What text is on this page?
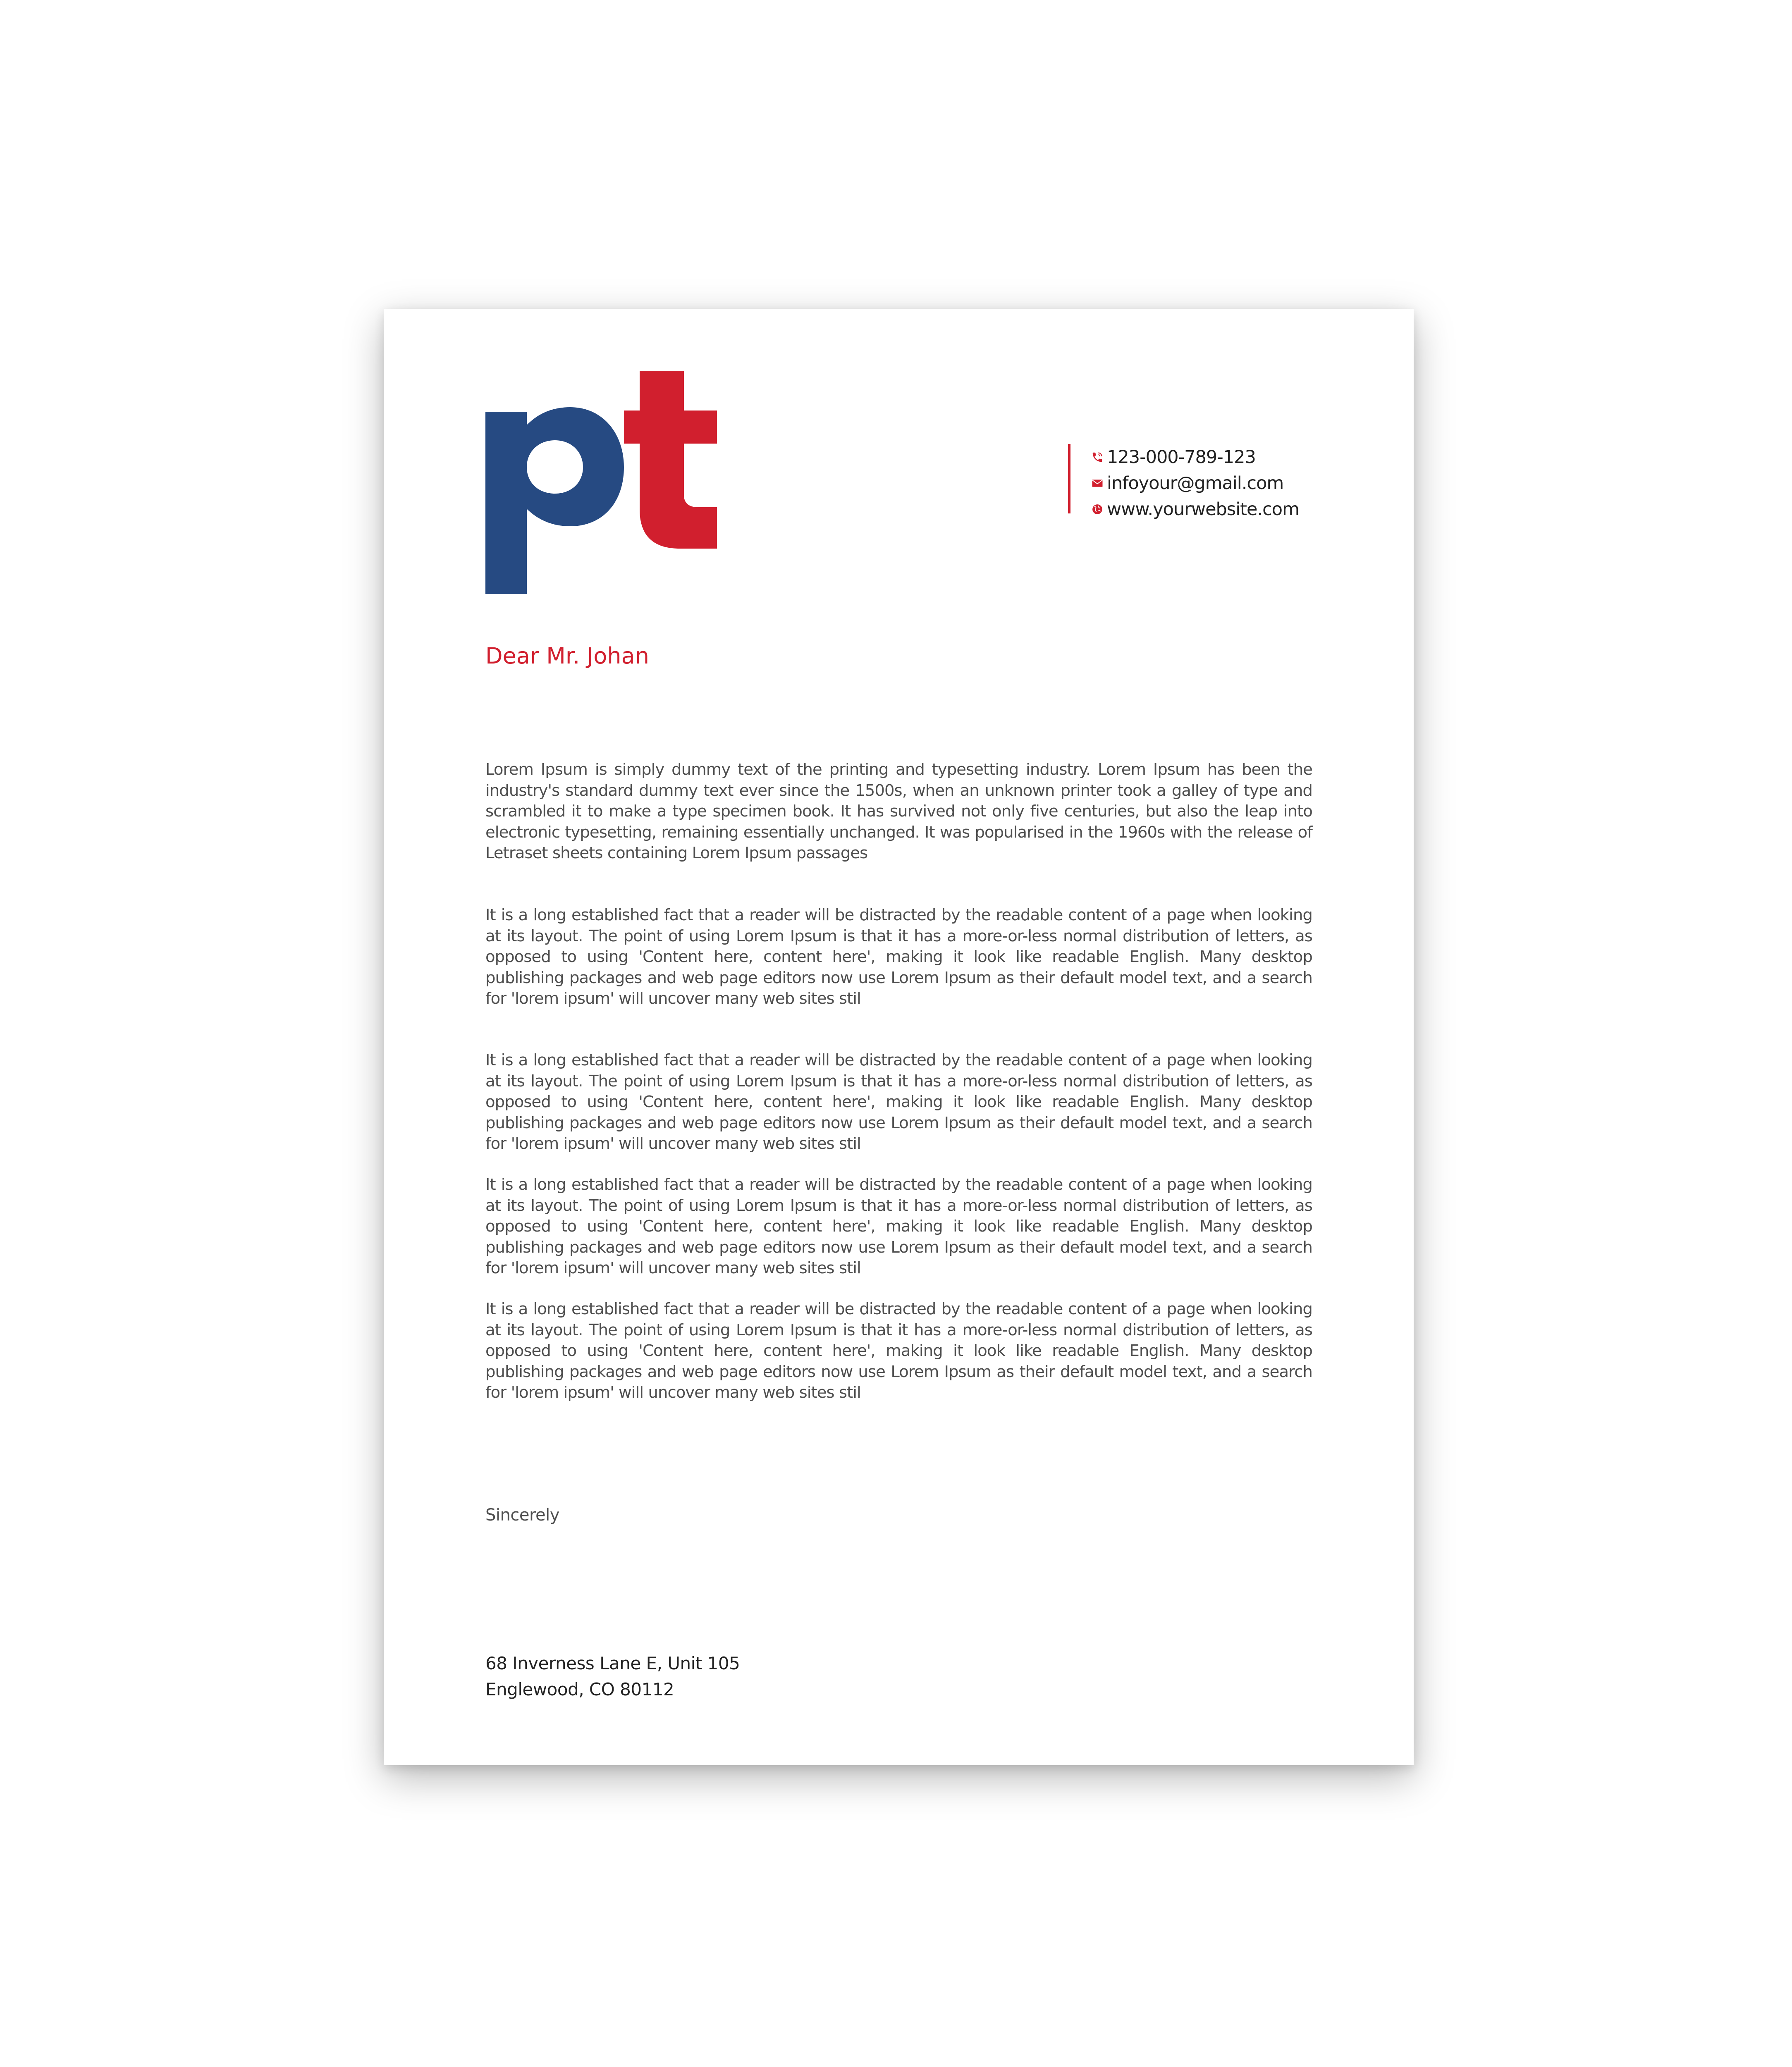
123-000-789-123
infoyour@gmail.com
www.yourwebsite.com
Dear Mr. Johan
Lorem Ipsum is simply dummy text of the printing and typesetting industry. Lorem Ipsum has been the industry's standard dummy text ever since the 1500s, when an unknown printer took a galley of type and scrambled it to make a type specimen book. It has survived not only five centuries, but also the leap into electronic typesetting, remaining essentially unchanged. It was popularised in the 1960s with the release of Letraset sheets containing Lorem Ipsum passages
It is a long established fact that a reader will be distracted by the readable content of a page when looking at its layout. The point of using Lorem Ipsum is that it has a more-or-less normal distribution of letters, as opposed to using 'Content here, content here', making it look like readable English. Many desktop publishing packages and web page editors now use Lorem Ipsum as their default model text, and a search for 'lorem ipsum' will uncover many web sites stil
It is a long established fact that a reader will be distracted by the readable content of a page when looking at its layout. The point of using Lorem Ipsum is that it has a more-or-less normal distribution of letters, as opposed to using 'Content here, content here', making it look like readable English. Many desktop publishing packages and web page editors now use Lorem Ipsum as their default model text, and a search for 'lorem ipsum' will uncover many web sites stil
It is a long established fact that a reader will be distracted by the readable content of a page when looking at its layout. The point of using Lorem Ipsum is that it has a more-or-less normal distribution of letters, as opposed to using 'Content here, content here', making it look like readable English. Many desktop publishing packages and web page editors now use Lorem Ipsum as their default model text, and a search for 'lorem ipsum' will uncover many web sites stil
It is a long established fact that a reader will be distracted by the readable content of a page when looking at its layout. The point of using Lorem Ipsum is that it has a more-or-less normal distribution of letters, as opposed to using 'Content here, content here', making it look like readable English. Many desktop publishing packages and web page editors now use Lorem Ipsum as their default model text, and a search for 'lorem ipsum' will uncover many web sites stil
Sincerely
68 Inverness Lane E, Unit 105
Englewood, CO 80112
